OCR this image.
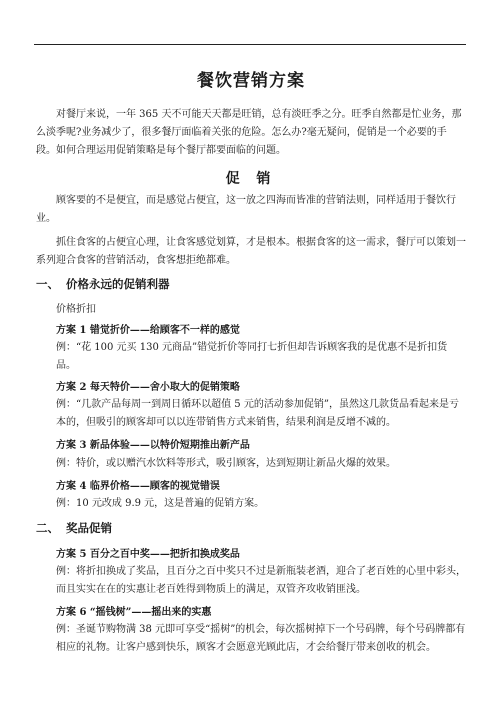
餐饮营销方案

对餐厅来说，一年 365 天不可能天天都是旺销，总有淡旺季之分。旺季自然都是忙业务，那么淡季呢?业务减少了，很多餐厅面临着关张的危险。怎么办?毫无疑问，促销是一个必要的手段。如何合理运用促销策略是每个餐厅都要面临的问题。

促 销

顾客要的不是便宜，而是感觉占便宜，这一放之四海而皆准的营销法则，同样适用于餐饮行业。

抓住食客的占便宜心理，让食客感觉划算，才是根本。根据食客的这一需求，餐厅可以策划一系列迎合食客的营销活动，食客想拒绝都难。

一、 价格永远的促销利器
价格折扣
方案 1 错觉折价——给顾客不一样的感觉

例：“花 100 元买 130 元商品”错觉折价等同打七折但却告诉顾客我的是优惠不是折扣货品。

方案 2 每天特价——舍小取大的促销策略

例：“几款产品每周一到周日循环以超值 5 元的活动参加促销”，虽然这几款货品看起来是亏本的，但吸引的顾客却可以以连带销售方式来销售，结果利润是反增不减的。

方案 3 新品体验——以特价短期推出新产品

例：特价，或以赠汽水饮料等形式，吸引顾客，达到短期让新品火爆的效果。

方案 4 临界价格——顾客的视觉错误

例：10 元改成 9.9 元，这是普遍的促销方案。

二、 奖品促销
方案 5 百分之百中奖——把折扣换成奖品

例：将折扣换成了奖品，且百分之百中奖只不过是新瓶装老酒，迎合了老百姓的心里中彩头，而且实实在在的实惠让老百姓得到物质上的满足，双管齐攻收销匪浅。

方案 6 “摇钱树”——摇出来的实惠

例：圣诞节购物满 38 元即可享受“摇树”的机会，每次摇树掉下一个号码牌，每个号码牌都有相应的礼物。让客户感到快乐，顾客才会愿意光顾此店，才会给餐厅带来创收的机会。
